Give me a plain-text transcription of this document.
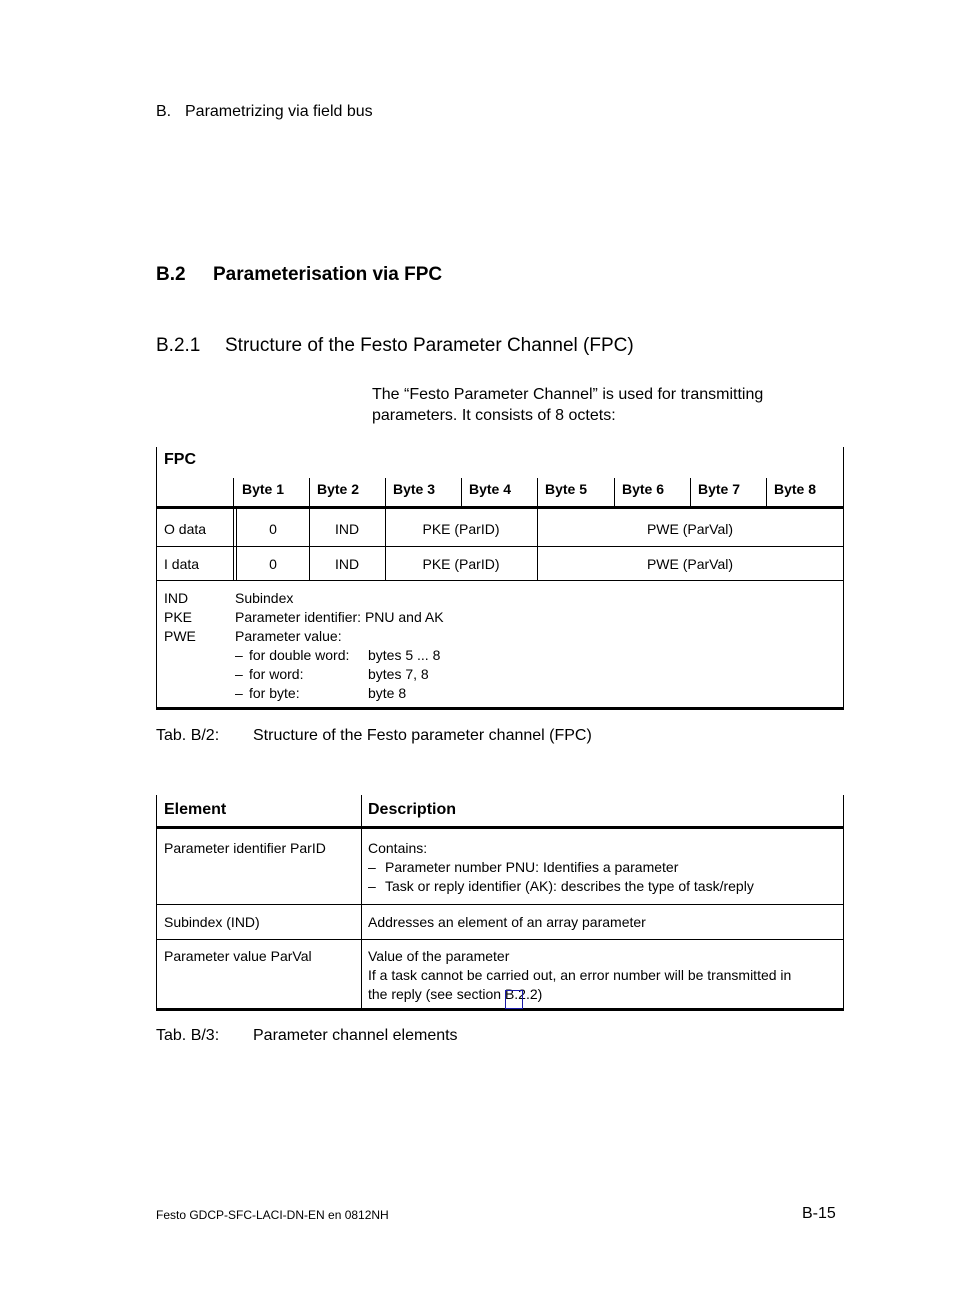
B. Parametrizing via field bus
B.2 Parameterisation via FPC
B.2.1 Structure of the Festo Parameter Channel (FPC)
The “Festo Parameter Channel” is used for transmitting
parameters. It consists of 8 octets:
FPC
Byte 1 Byte 2 Byte 3 Byte 4 Byte 5 Byte 6 Byte 7 Byte 8
O data	0	IND	PKE (ParID)	PWE (ParVal)
I data	0	IND	PKE (ParID)	PWE (ParVal)
IND	Subindex
PKE	Parameter identifier: PNU and AK
PWE	Parameter value:
– for double word: bytes 5 ... 8
– for word:	bytes 7, 8
– for byte:	byte 8
Tab. B/2: Structure of the Festo parameter channel (FPC)
Element	Description
Parameter identifier ParID	Contains:
– Parameter number PNU: Identifies a parameter
– Task or reply identifier (AK): describes the type of task/reply
Subindex (IND)	Addresses an element of an array parameter
Parameter value ParVal	Value of the parameter
If a task cannot be carried out, an error number will be transmitted in
the reply (see section B.2.2)
Tab. B/3: Parameter channel elements
Festo GDCP-SFC-LACI-DN-EN en 0812NH	B-15
